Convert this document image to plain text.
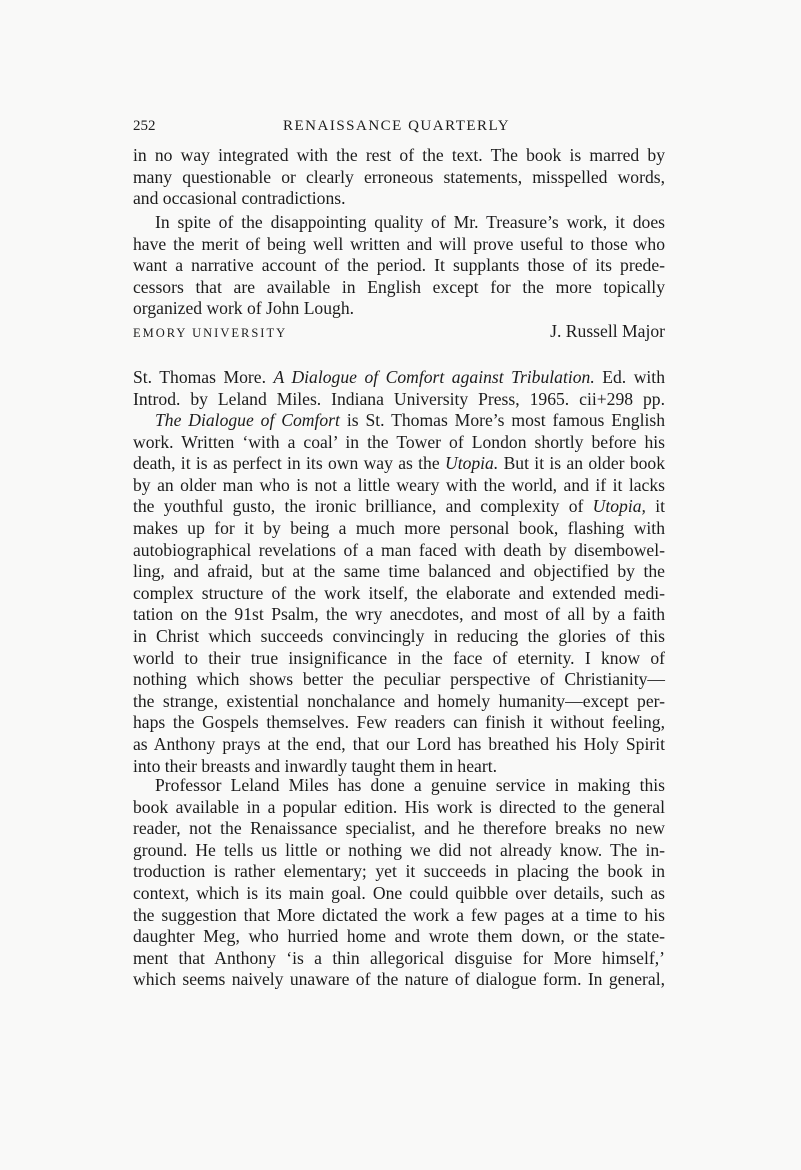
252	RENAISSANCE QUARTERLY
in no way integrated with the rest of the text. The book is marred by
many questionable or clearly erroneous statements, misspelled words,
and occasional contradictions.
In spite of the disappointing quality of Mr. Treasure’s work, it does
have the merit of being well written and will prove useful to those who
want a narrative account of the period. It supplants those of its prede-
cessors that are available in English except for the more topically
organized work of John Lough.
EMORY UNIVERSITY	J. Russell Major
St. Thomas More. A Dialogue of Comfort against Tribulation. Ed. with
Introd. by Leland Miles. Indiana University Press, 1965. cii+298 pp.
The Dialogue of Comfort is St. Thomas More’s most famous English
work. Written ‘with a coal’ in the Tower of London shortly before his
death, it is as perfect in its own way as the Utopia. But it is an older book
by an older man who is not a little weary with the world, and if it lacks
the youthful gusto, the ironic brilliance, and complexity of Utopia, it
makes up for it by being a much more personal book, flashing with
autobiographical revelations of a man faced with death by disembowel-
ling, and afraid, but at the same time balanced and objectified by the
complex structure of the work itself, the elaborate and extended medi-
tation on the 91st Psalm, the wry anecdotes, and most of all by a faith
in Christ which succeeds convincingly in reducing the glories of this
world to their true insignificance in the face of eternity. I know of
nothing which shows better the peculiar perspective of Christianity—
the strange, existential nonchalance and homely humanity—except per-
haps the Gospels themselves. Few readers can finish it without feeling,
as Anthony prays at the end, that our Lord has breathed his Holy Spirit
into their breasts and inwardly taught them in heart.
Professor Leland Miles has done a genuine service in making this
book available in a popular edition. His work is directed to the general
reader, not the Renaissance specialist, and he therefore breaks no new
ground. He tells us little or nothing we did not already know. The in-
troduction is rather elementary; yet it succeeds in placing the book in
context, which is its main goal. One could quibble over details, such as
the suggestion that More dictated the work a few pages at a time to his
daughter Meg, who hurried home and wrote them down, or the state-
ment that Anthony ‘is a thin allegorical disguise for More himself,’
which seems naively unaware of the nature of dialogue form. In general,
